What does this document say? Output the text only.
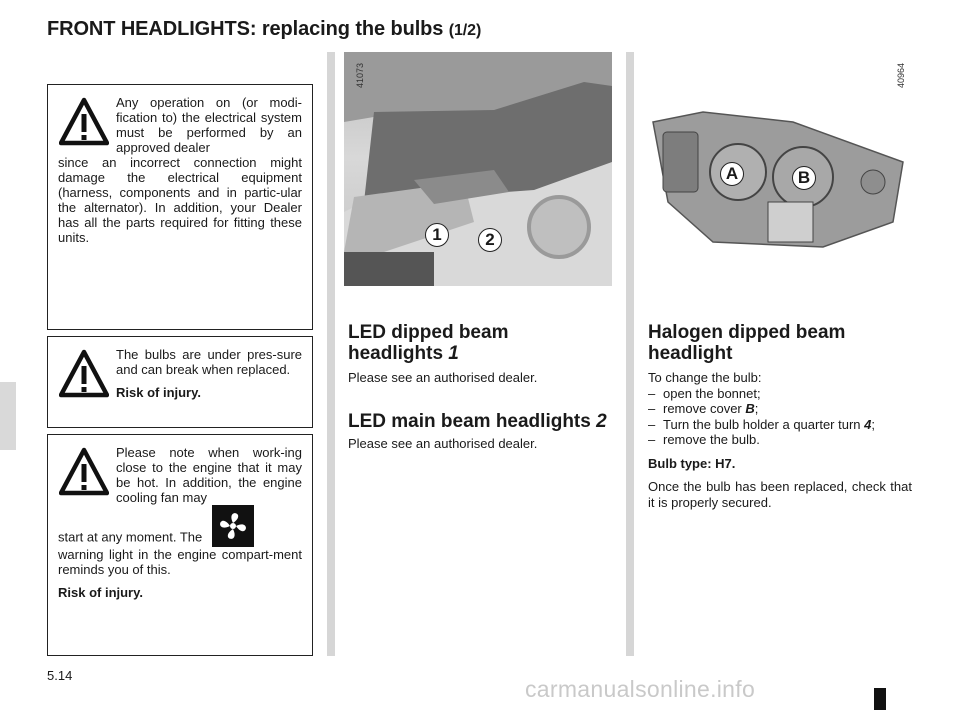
FRONT HEADLIGHTS: replacing the bulbs (1/2)

Any operation on (or modi-fication to) the electrical system must be performed by an approved dealer

since an incorrect connection might damage the electrical equipment (harness, components and in partic-ular the alternator). In addition, your Dealer has all the parts required for fitting these units.

The bulbs are under pres-sure and can break when replaced.

Risk of injury.

Please note when work-ing close to the engine that it may be hot. In addition, the engine cooling fan may

start at any moment. The

warning light in the engine compart-ment reminds you of this.

Risk of injury.

1	2
41073
A	B
40964
LED dipped beam headlights 1
Please see an authorised dealer.
LED main beam headlights 2
Please see an authorised dealer.
Halogen dipped beam headlight

To change the bulb:

– open the bonnet;
– remove cover B;
– Turn the bulb holder a quarter turn 4;
– remove the bulb.

Bulb type: H7.

Once the bulb has been replaced, check that it is properly secured.

5.14
carmanualsonline.info
